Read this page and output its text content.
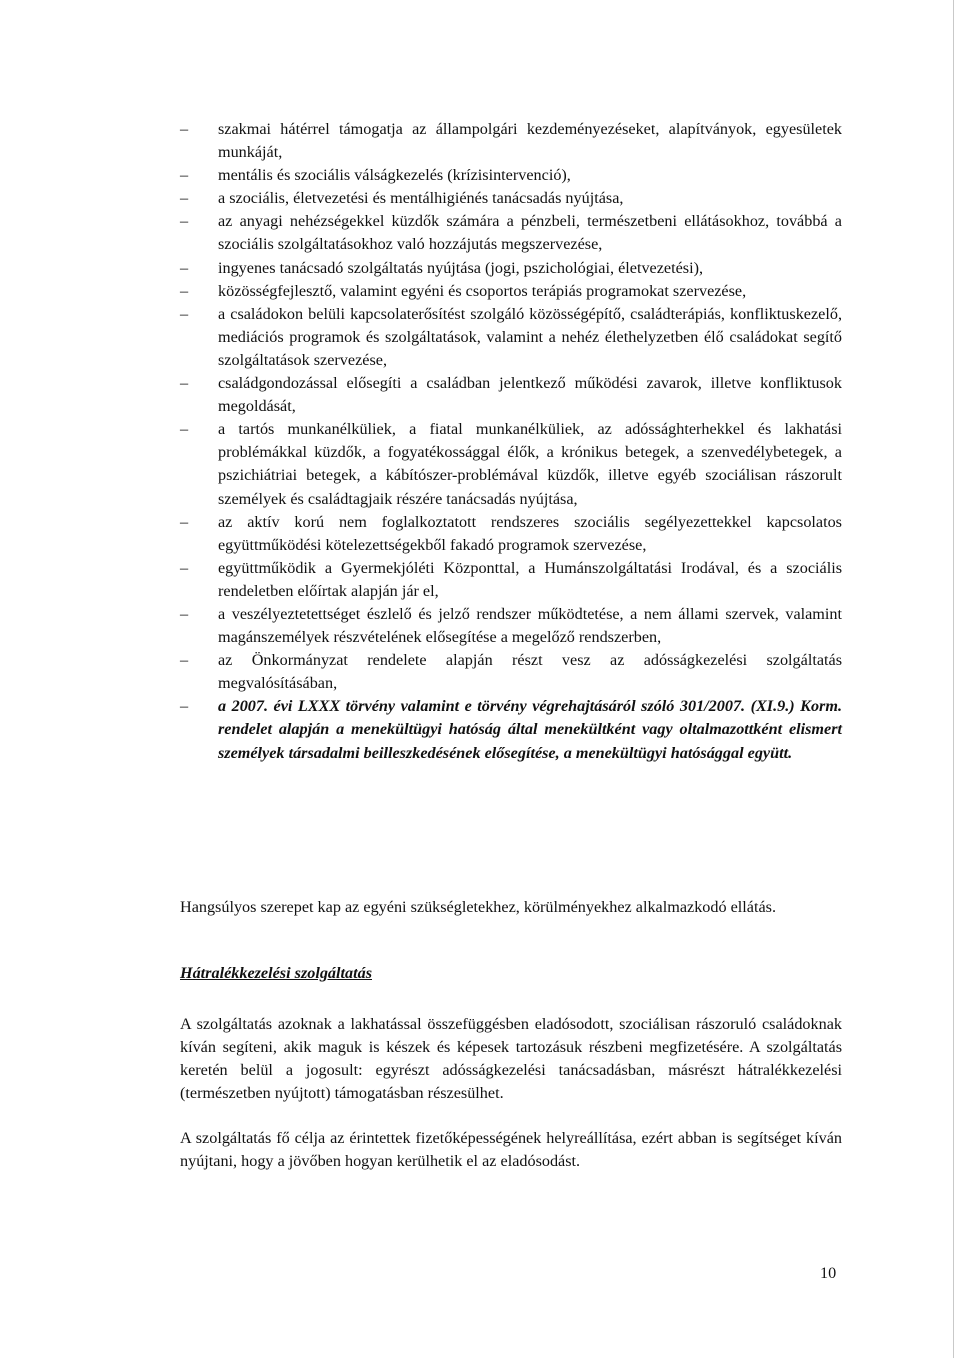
–	szakmai hátérrel támogatja az állampolgári kezdeményezéseket, alapítványok, egyesületek munkáját,
–	mentális és szociális válságkezelés (krízisintervenció),
–	a szociális, életvezetési és mentálhigiénés tanácsadás nyújtása,
–	az anyagi nehézségekkel küzdők számára a pénzbeli, természetbeni ellátásokhoz, továbbá a szociális szolgáltatásokhoz való hozzájutás megszervezése,
–	ingyenes tanácsadó szolgáltatás nyújtása (jogi, pszichológiai, életvezetési),
–	közösségfejlesztő, valamint egyéni és csoportos terápiás programokat szervezése,
–	a családokon belüli kapcsolaterősítést szolgáló közösségépítő, családterápiás, konfliktuskezelő, mediációs programok és szolgáltatások, valamint a nehéz élethelyzetben élő családokat segítő szolgáltatások szervezése,
–	családgondozással elősegíti a családban jelentkező működési zavarok, illetve konfliktusok megoldását,
–	a tartós munkanélküliek, a fiatal munkanélküliek, az adóssághterhekkel és lakhatási problémákkal küzdők, a fogyatékossággal élők, a krónikus betegek, a szenvedélybetegek, a pszichiátriai betegek, a kábítószer-problémával küzdők, illetve egyéb szociálisan rászorult személyek és családtagjaik részére tanácsadás nyújtása,
–	az aktív korú nem foglalkoztatott rendszeres szociális segélyezettekkel kapcsolatos együttműködési kötelezettségekből fakadó programok szervezése,
–	együttműködik a Gyermekjóléti Központtal, a Humánszolgáltatási Irodával, és a szociális rendeletben előírtak alapján jár el,
–	a veszélyeztetettséget észlelő és jelző rendszer működtetése, a nem állami szervek, valamint magánszemélyek részvételének elősegítése a megelőző rendszerben,
–	az Önkormányzat rendelete alapján részt vesz az adósságkezelési szolgáltatás megvalósításában,
–	a 2007. évi LXXX törvény valamint e törvény végrehajtásáról szóló 301/2007. (XI.9.) Korm. rendelet alapján a menekültügyi hatóság által menekültként vagy oltalmazottként elismert személyek társadalmi beilleszkedésének elősegítése, a menekültügyi hatósággal együtt.

Hangsúlyos szerepet kap az egyéni szükségletekhez, körülményekhez alkalmazkodó ellátás.

Hátralékkezelési szolgáltatás

A szolgáltatás azoknak a lakhatással összefüggésben eladósodott, szociálisan rászoruló családoknak kíván segíteni, akik maguk is készek és képesek tartozásuk részbeni megfizetésére. A szolgáltatás keretén belül a jogosult: egyrészt adósságkezelési tanácsadásban, másrészt hátralékkezelési (természetben nyújtott) támogatásban részesülhet.

A szolgáltatás fő célja az érintettek fizetőképességének helyreállítása, ezért abban is segítséget kíván nyújtani, hogy a jövőben hogyan kerülhetik el az eladósodást.

10
